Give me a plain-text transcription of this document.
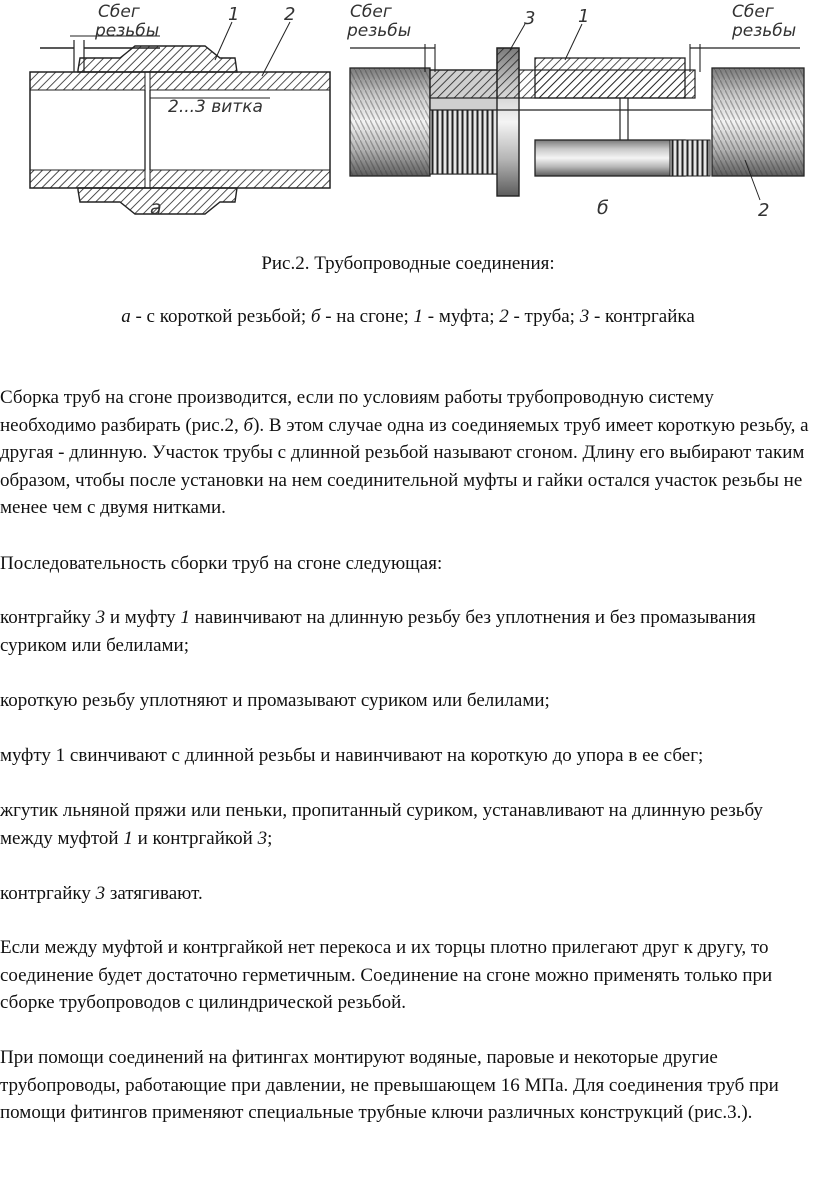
Сбег
резьбы
1 2
2...3 витка
а
Сбег
резьбы
Сбег
резьбы
3 1
2
б
Рис.2. Трубопроводные соединения:
а - с короткой резьбой; б - на сгоне; 1 - муфта; 2 - труба; 3 - контргайка
Сборка труб на сгоне производится, если по условиям работы трубопроводную систему необходимо разбирать (рис.2, б). В этом случае одна из соединяемых труб имеет короткую резьбу, а другая - длинную. Участок трубы с длинной резьбой называют сгоном. Длину его выбирают таким образом, чтобы после установки на нем соединительной муфты и гайки остался участок резьбы не менее чем с двумя нитками.
Последовательность сборки труб на сгоне следующая:
контргайку 3 и муфту 1 навинчивают на длинную резьбу без уплотнения и без промазывания суриком или белилами;
короткую резьбу уплотняют и промазывают суриком или белилами;
муфту 1 свинчивают с длинной резьбы и навинчивают на короткую до упора в ее сбег;
жгутик льняной пряжи или пеньки, пропитанный суриком, устанавливают на длинную резьбу между муфтой 1 и контргайкой 3;
контргайку 3 затягивают.
Если между муфтой и контргайкой нет перекоса и их торцы плотно прилегают друг к другу, то соединение будет достаточно герметичным. Соединение на сгоне можно применять только при сборке трубопроводов с цилиндрической резьбой.
При помощи соединений на фитингах монтируют водяные, паровые и некоторые другие трубопроводы, работающие при давлении, не превышающем 16 МПа. Для соединения труб при помощи фитингов применяют специальные трубные ключи различных конструкций (рис.3.).
